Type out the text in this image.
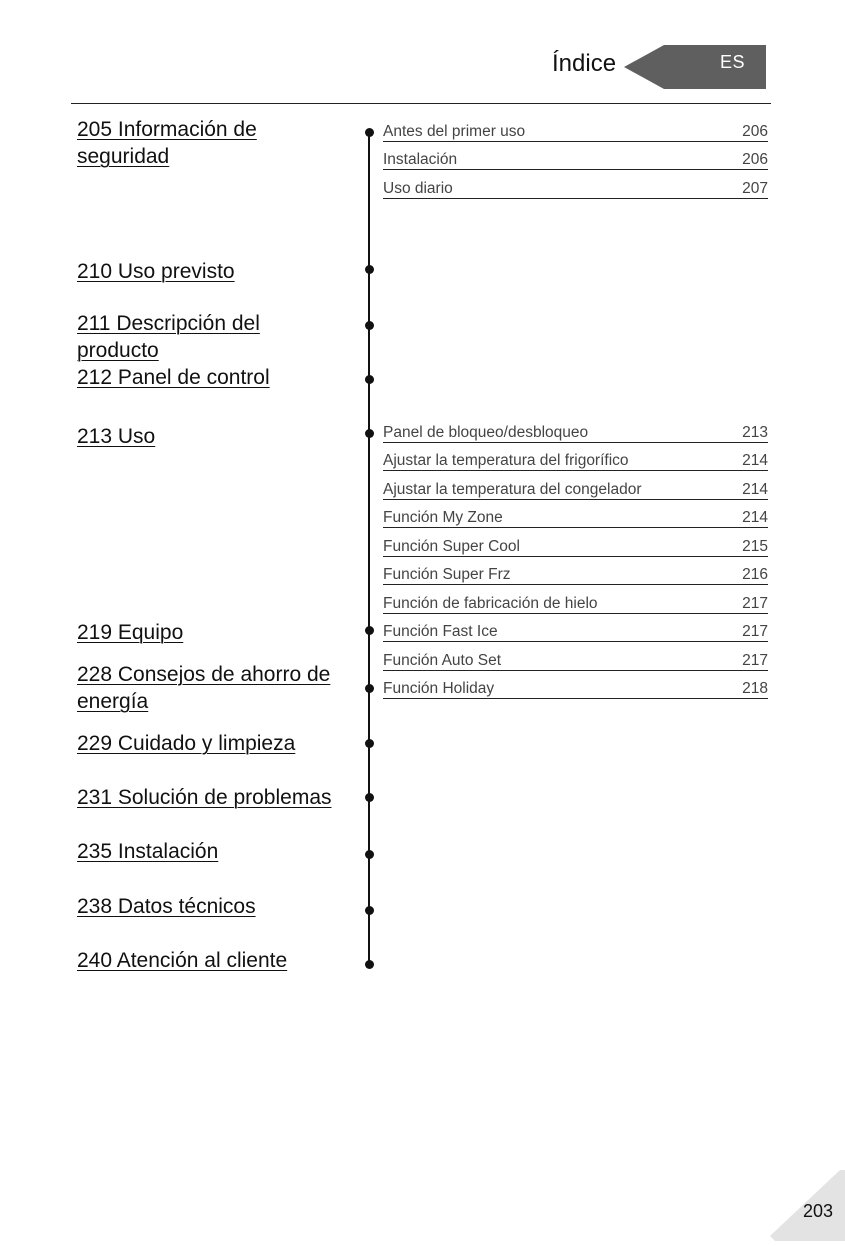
Índice	ES
205 Información de
seguridad
210 Uso previsto
211 Descripción del
producto
212 Panel de control
213 Uso
219 Equipo
228 Consejos de ahorro de
energía
229 Cuidado y limpieza
231 Solución de problemas
235 Instalación
238 Datos técnicos
240 Atención al cliente
Antes del primer uso	206
Instalación	206
Uso diario	207
Panel de bloqueo/desbloqueo	213
Ajustar la temperatura del frigorífico	214
Ajustar la temperatura del congelador	214
Función My Zone	214
Función Super Cool	215
Función Super Frz	216
Función de fabricación de hielo	217
Función Fast Ice	217
Función Auto Set	217
Función Holiday	218
203
